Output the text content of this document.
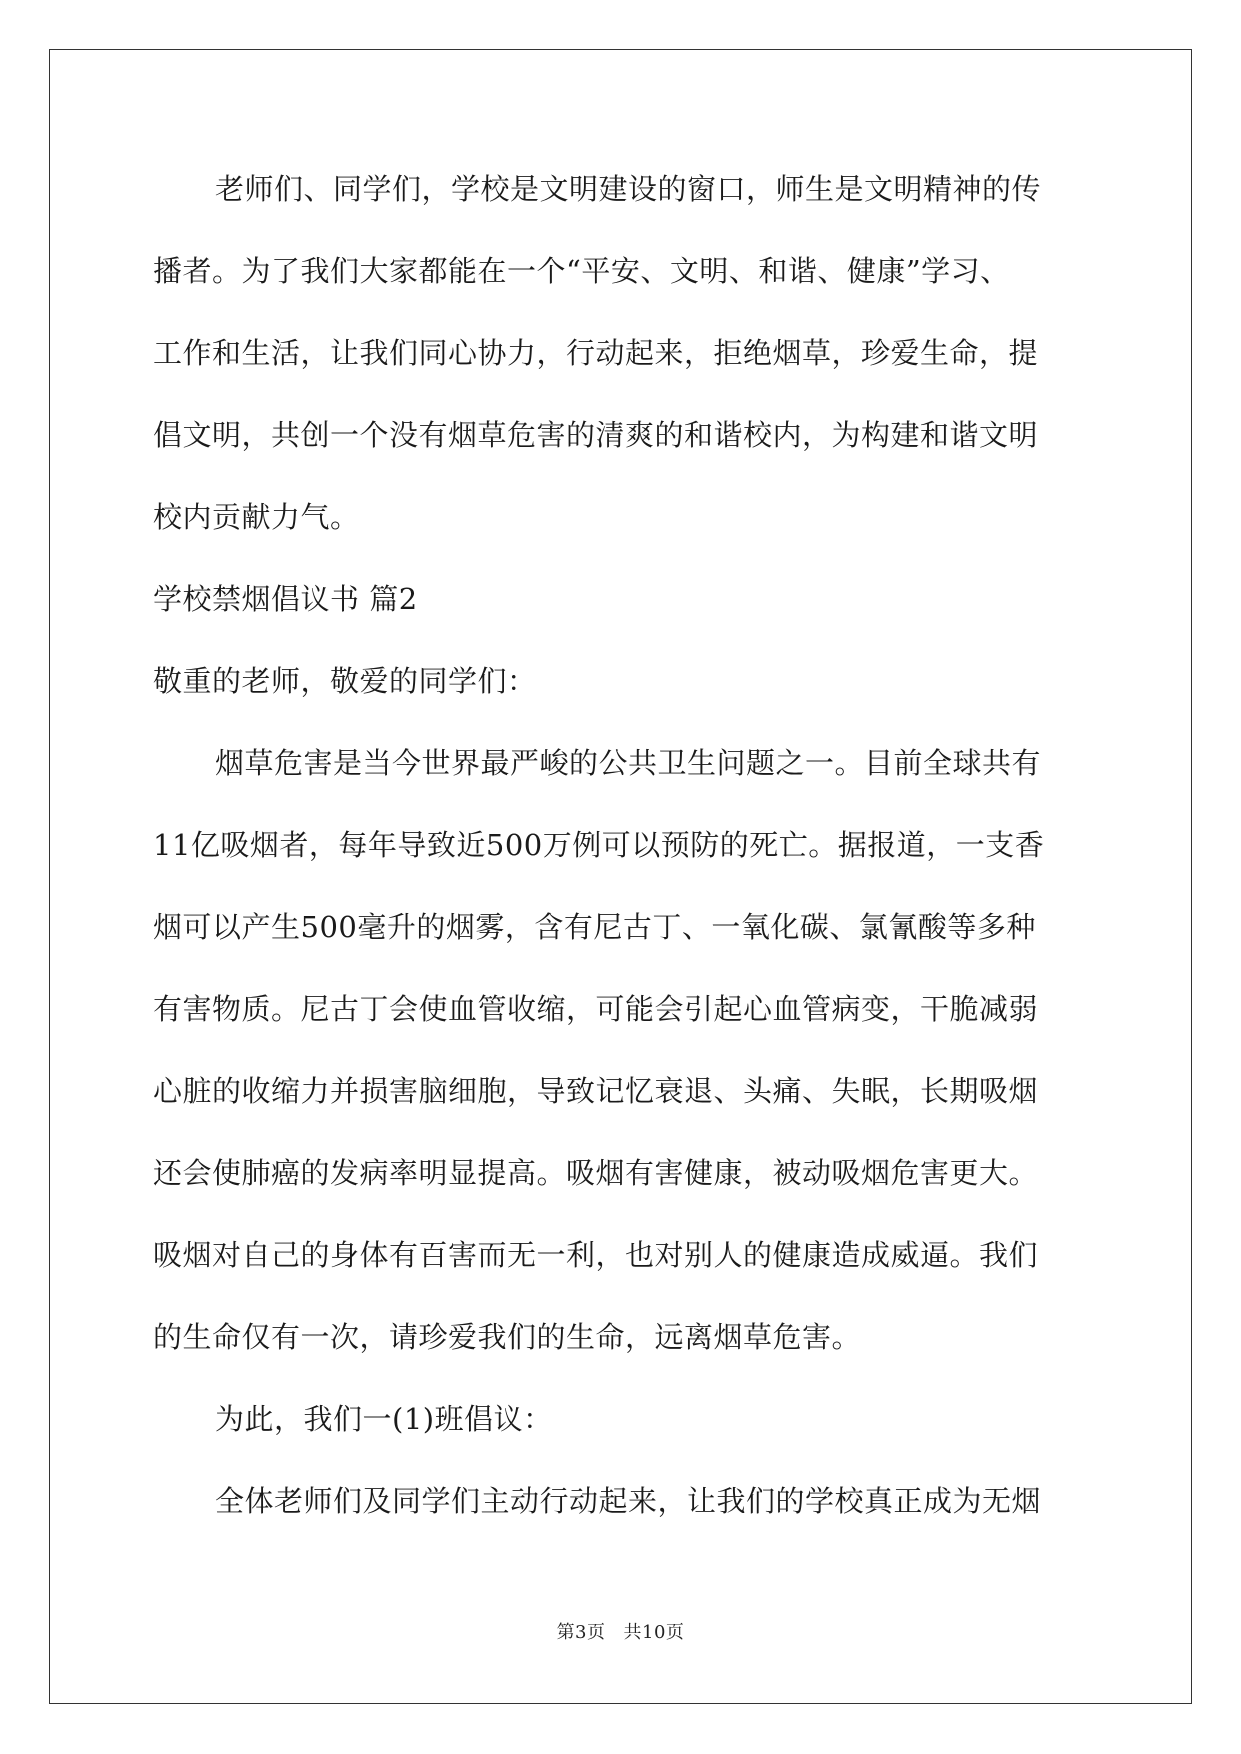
老师们、同学们，学校是文明建设的窗口，师生是文明精神的传
播者。为了我们大家都能在一个“平安、文明、和谐、健康”学习、
工作和生活，让我们同心协力，行动起来，拒绝烟草，珍爱生命，提
倡文明，共创一个没有烟草危害的清爽的和谐校内，为构建和谐文明
校内贡献力气。
学校禁烟倡议书 篇2
敬重的老师，敬爱的同学们：
烟草危害是当今世界最严峻的公共卫生问题之一。目前全球共有
11亿吸烟者，每年导致近500万例可以预防的死亡。据报道，一支香
烟可以产生500毫升的烟雾，含有尼古丁、一氧化碳、氯氰酸等多种
有害物质。尼古丁会使血管收缩，可能会引起心血管病变，干脆减弱
心脏的收缩力并损害脑细胞，导致记忆衰退、头痛、失眠，长期吸烟
还会使肺癌的发病率明显提高。吸烟有害健康，被动吸烟危害更大。
吸烟对自己的身体有百害而无一利，也对别人的健康造成威逼。我们
的生命仅有一次，请珍爱我们的生命，远离烟草危害。
为此，我们一(1)班倡议：
全体老师们及同学们主动行动起来，让我们的学校真正成为无烟
第3页 共10页
